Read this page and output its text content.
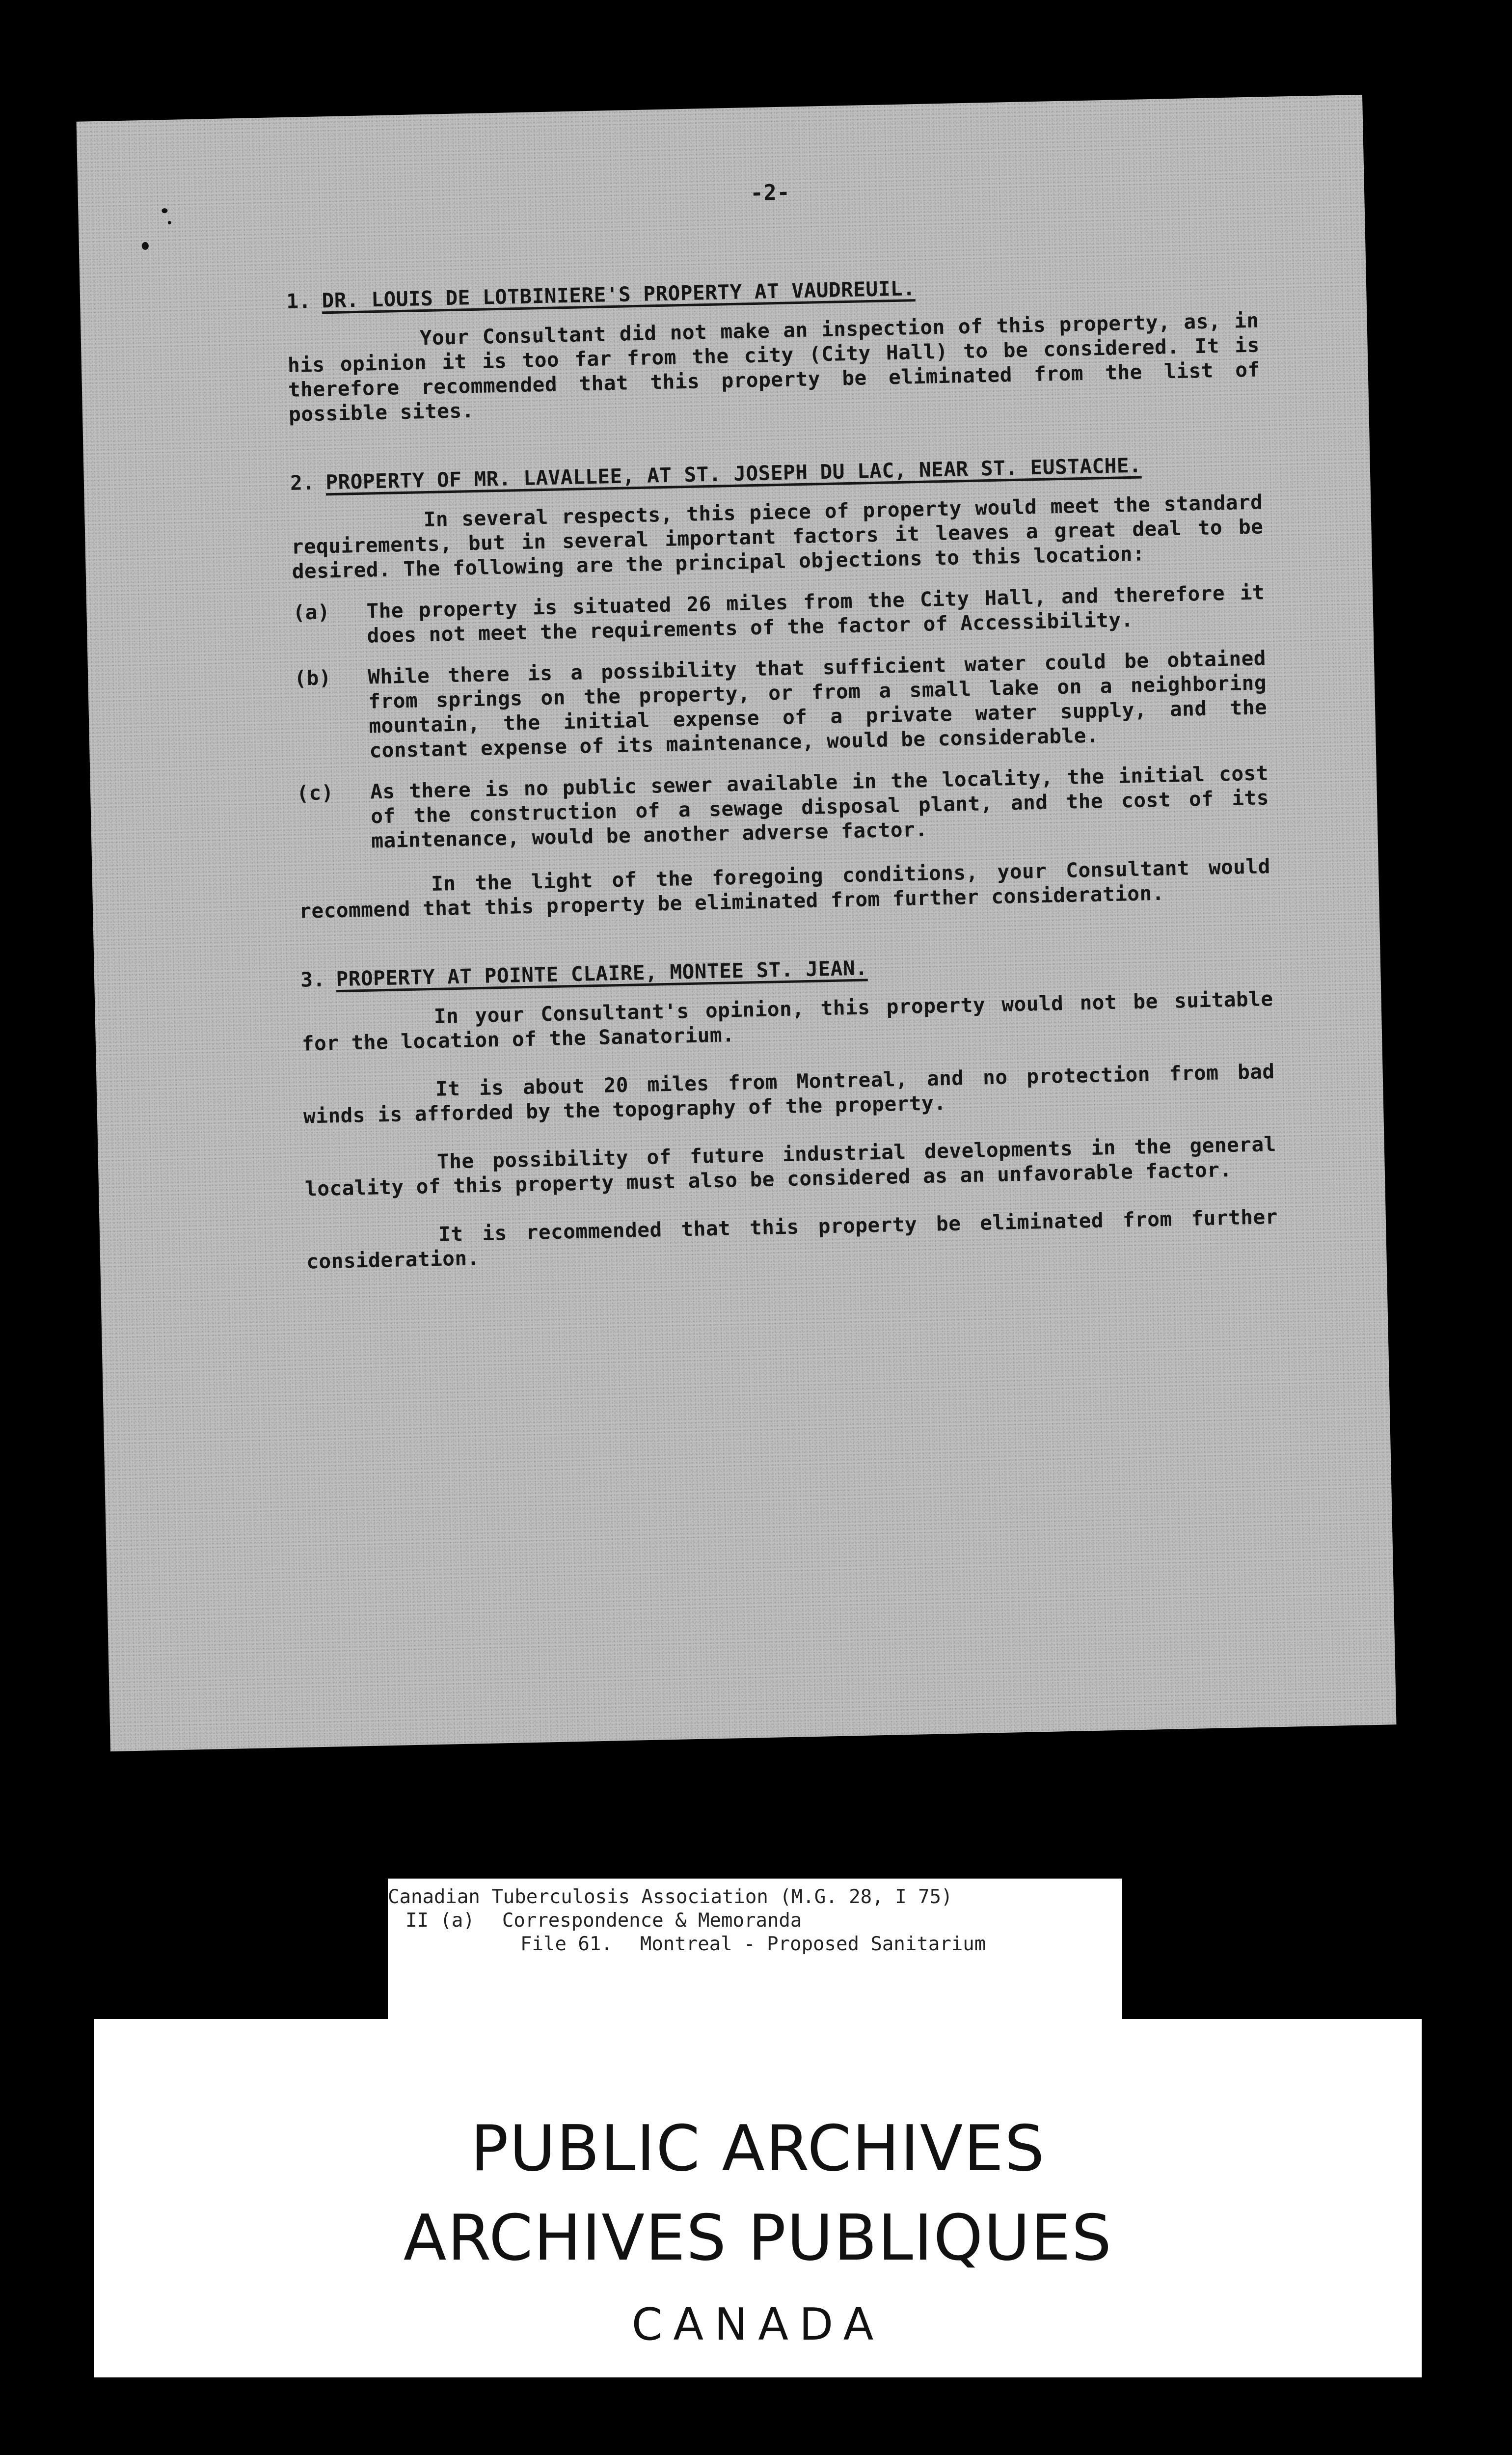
-2-

1. DR. LOUIS DE LOTBINIERE'S PROPERTY AT VAUDREUIL.

Your Consultant did not make an inspection of this property, as, in his opinion it is too far from the city (City Hall) to be considered. It is therefore recommended that this property be eliminated from the list of possible sites.

2. PROPERTY OF MR. LAVALLEE, AT ST. JOSEPH DU LAC, NEAR ST. EUSTACHE.

In several respects, this piece of property would meet the standard requirements, but in several important factors it leaves a great deal to be desired. The following are the principal objections to this location:

(a)	The property is situated 26 miles from the City Hall, and therefore it does not meet the requirements of the factor of Accessibility.
(b)	While there is a possibility that sufficient water could be obtained from springs on the property, or from a small lake on a neighboring mountain, the initial expense of a private water supply, and the constant expense of its maintenance, would be considerable.
(c)	As there is no public sewer available in the locality, the initial cost of the construction of a sewage disposal plant, and the cost of its maintenance, would be another adverse factor.

In the light of the foregoing conditions, your Consultant would recommend that this property be eliminated from further consideration.

3. PROPERTY AT POINTE CLAIRE, MONTEE ST. JEAN.

In your Consultant's opinion, this property would not be suitable for the location of the Sanatorium.

It is about 20 miles from Montreal, and no protection from bad winds is afforded by the topography of the property.

The possibility of future industrial developments in the general locality of this property must also be considered as an unfavorable factor.

It is recommended that this property be eliminated from further consideration.

Canadian Tuberculosis Association (M.G. 28, I 75)
II (a) Correspondence & Memoranda
File 61. Montreal - Proposed Sanitarium
PUBLIC ARCHIVES
ARCHIVES PUBLIQUES
CANADA
